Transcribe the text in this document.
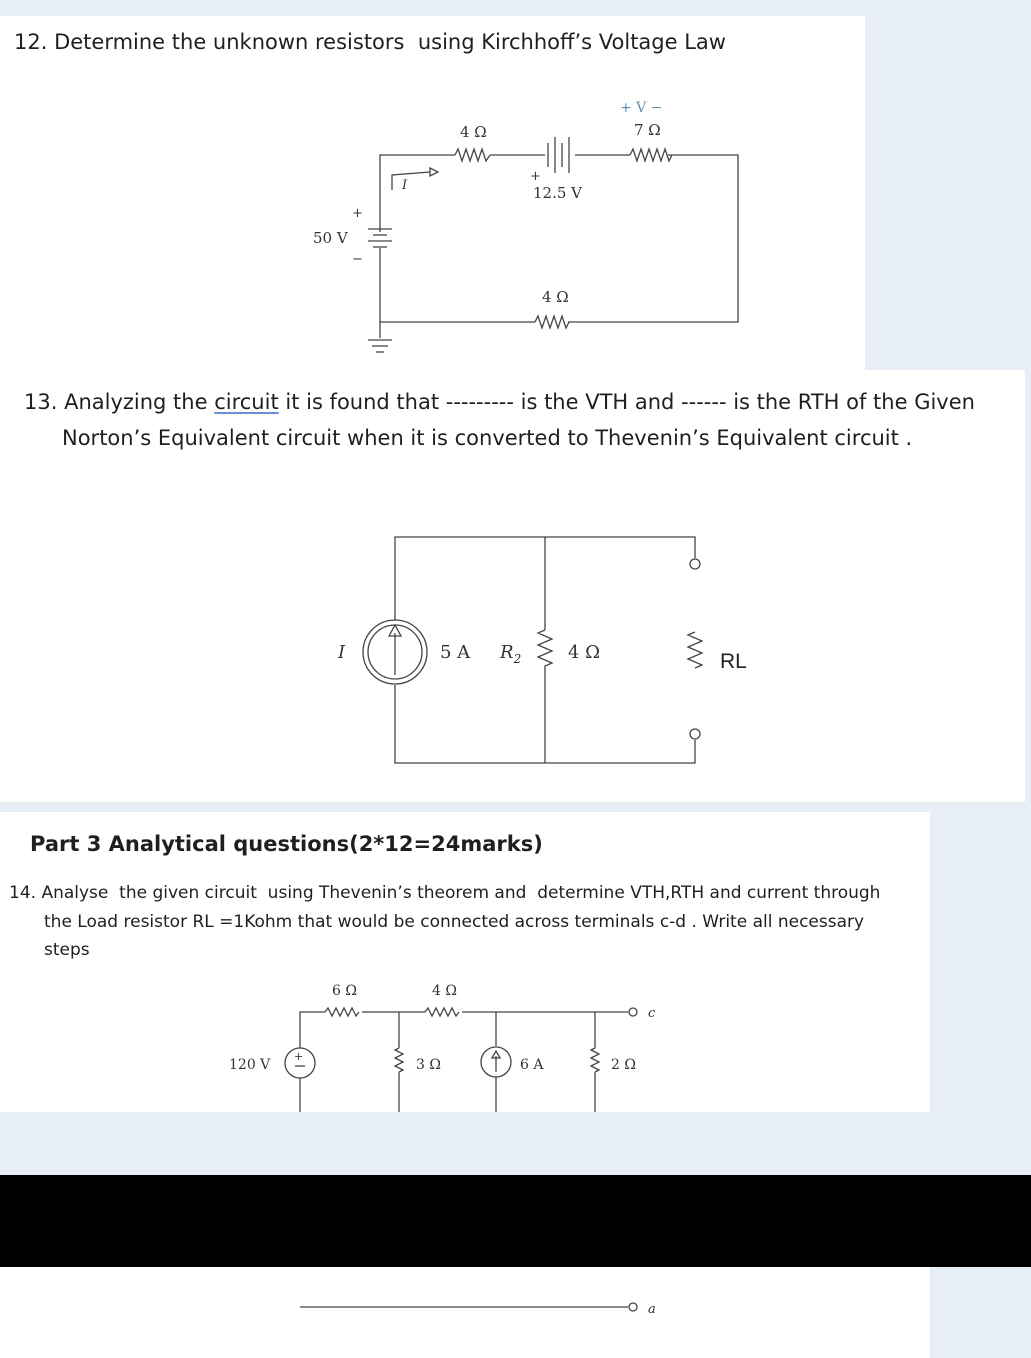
12. Determine the unknown resistors  using Kirchhoff’s Voltage Law
13. Analyzing the circuit it is found that --------- is the VTH and ------ is the RTH of the Given
Norton’s Equivalent circuit when it is converted to Thevenin’s Equivalent circuit .
Part 3 Analytical questions(2*12=24marks)
14. Analyse  the given circuit  using Thevenin’s theorem and  determine VTH,RTH and current through
the Load resistor RL =1Kohm that would be connected across terminals c-d . Write all necessary
steps
+
−
50 V
I
4 Ω
+
12.5 V
+ V −
7 Ω
4 Ω
I	5 A $R_2$	4 Ω	RL
c
6 Ω	4 Ω
+
120 V	3 Ω	6 A	2 Ω
a
